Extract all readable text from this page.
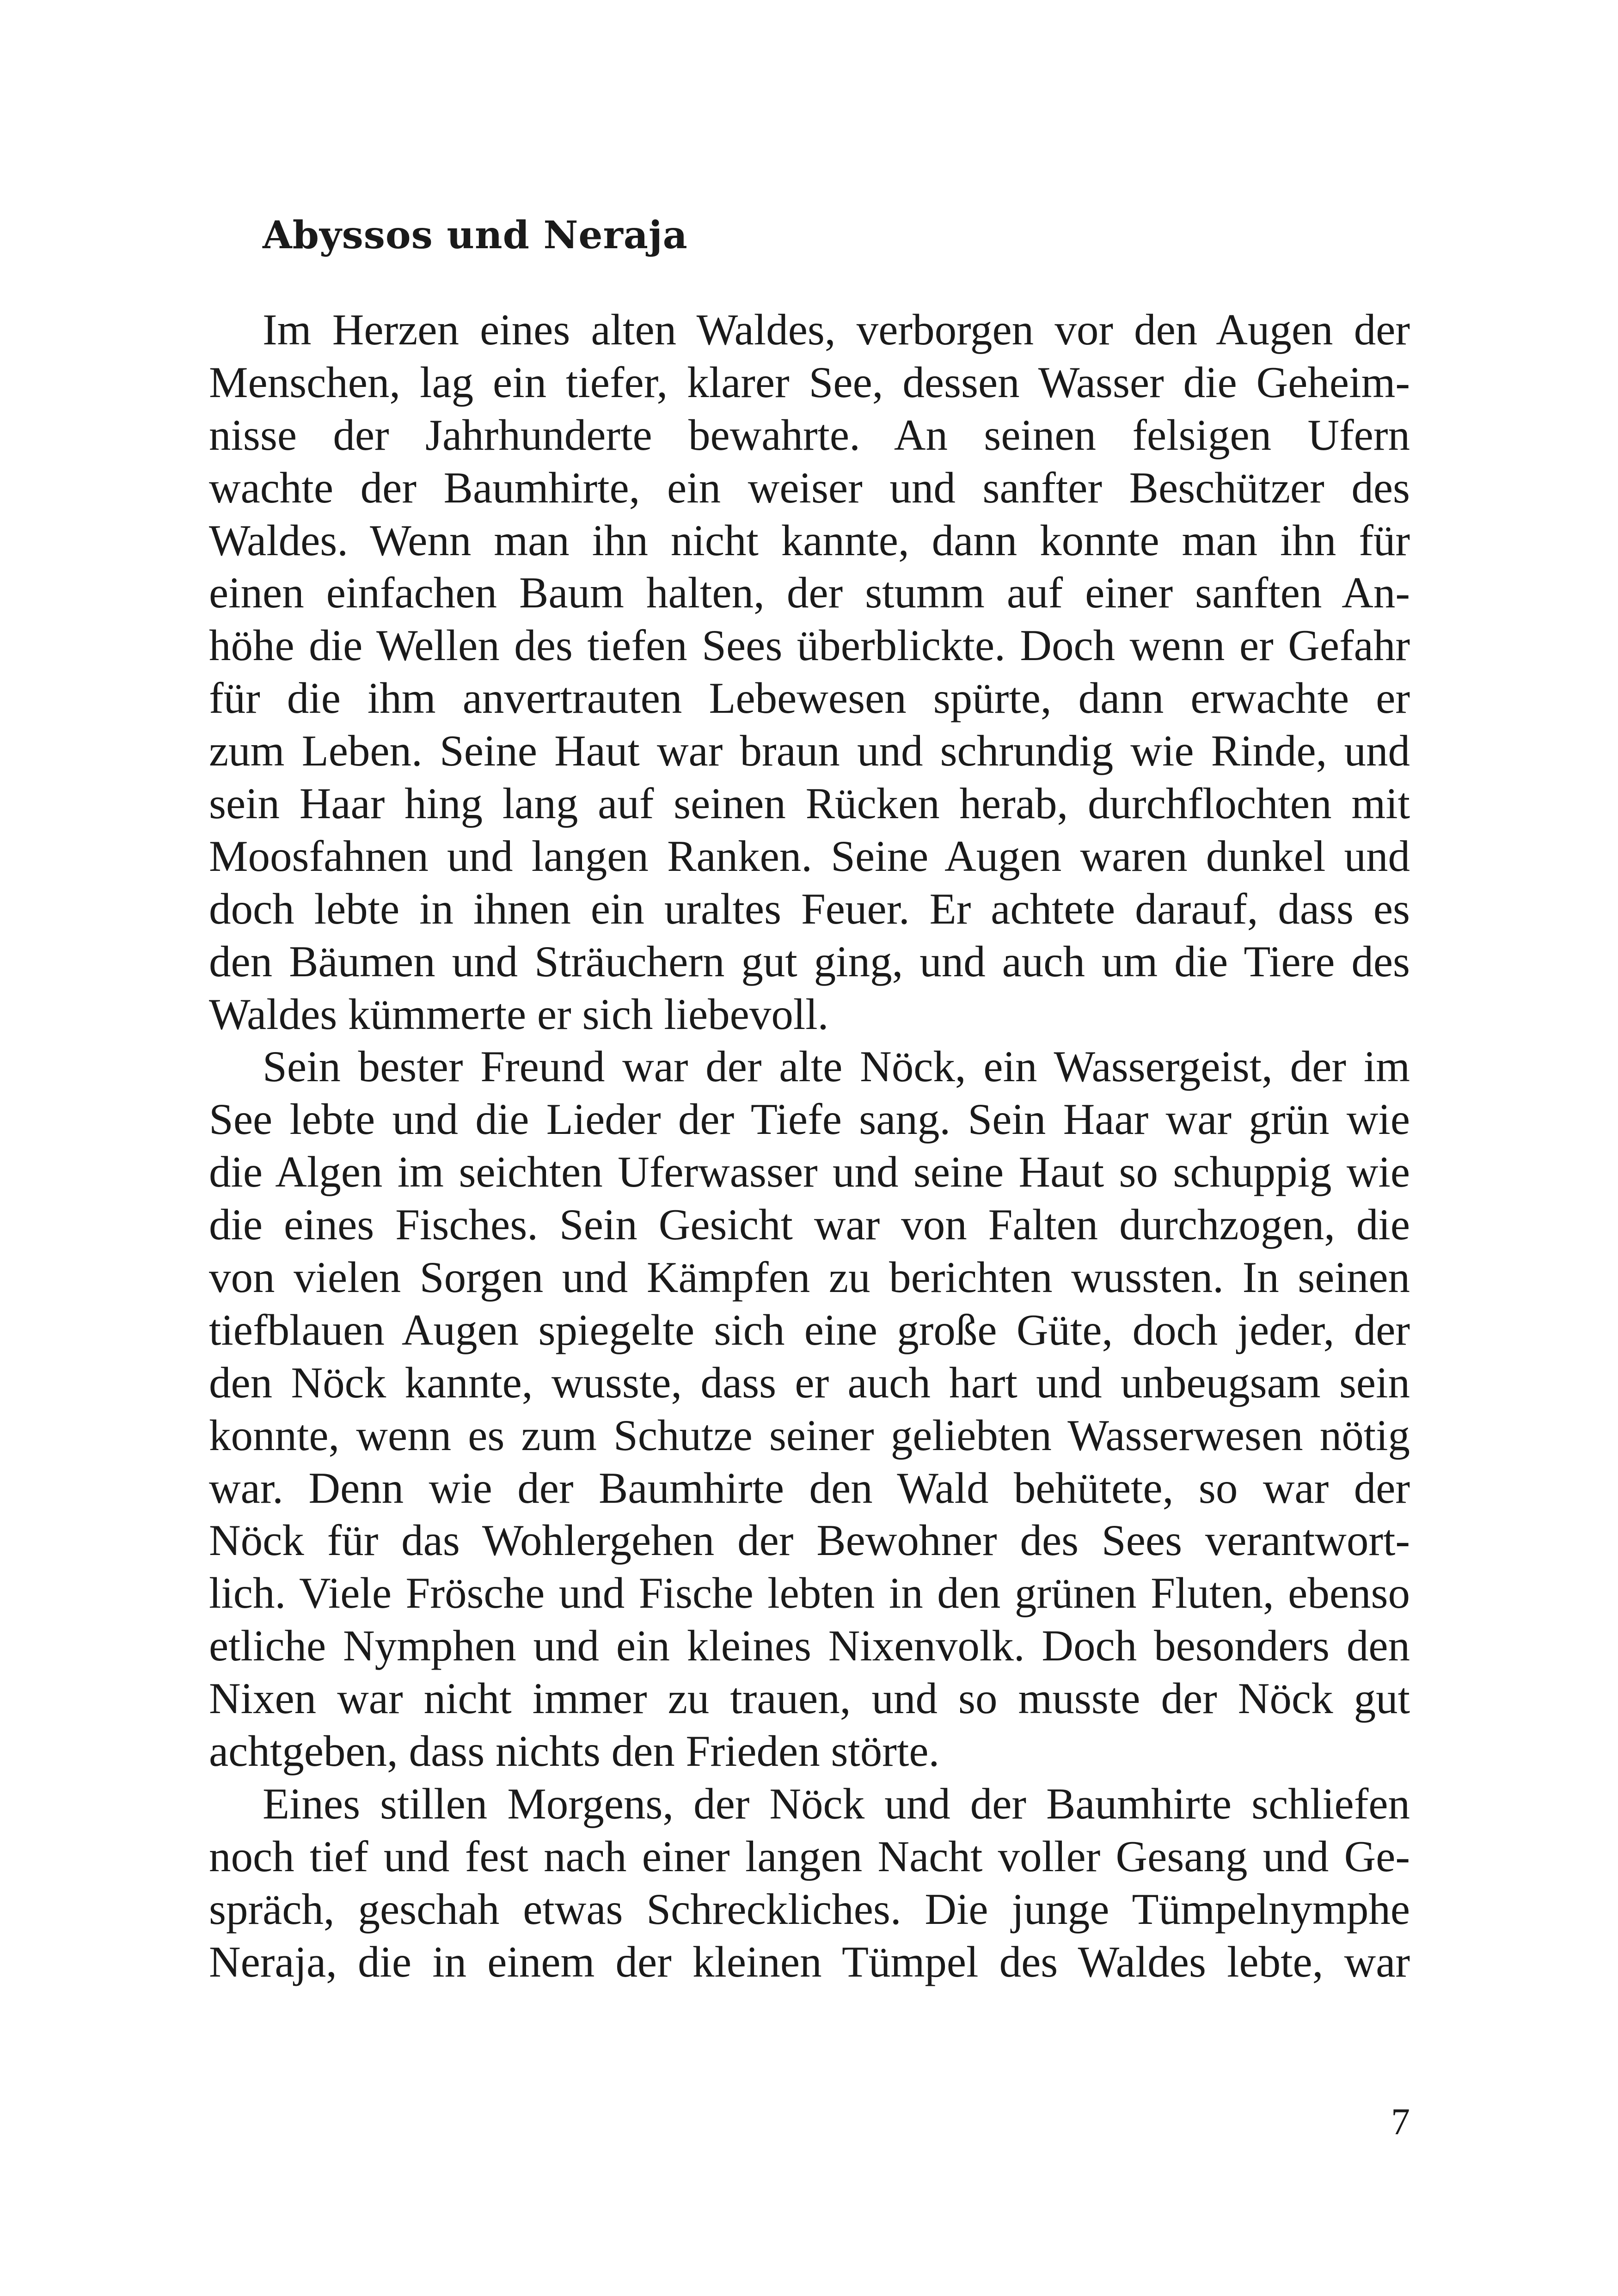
Abyssos und Neraja
Im Herzen eines alten Waldes, verborgen vor den Augen der
Menschen, lag ein tiefer, klarer See, dessen Wasser die Geheim-
nisse der Jahrhunderte bewahrte. An seinen felsigen Ufern
wachte der Baumhirte, ein weiser und sanfter Beschützer des
Waldes. Wenn man ihn nicht kannte, dann konnte man ihn für
einen einfachen Baum halten, der stumm auf einer sanften An-
höhe die Wellen des tiefen Sees überblickte. Doch wenn er Gefahr
für die ihm anvertrauten Lebewesen spürte, dann erwachte er
zum Leben. Seine Haut war braun und schrundig wie Rinde, und
sein Haar hing lang auf seinen Rücken herab, durchflochten mit
Moosfahnen und langen Ranken. Seine Augen waren dunkel und
doch lebte in ihnen ein uraltes Feuer. Er achtete darauf, dass es
den Bäumen und Sträuchern gut ging, und auch um die Tiere des
Waldes kümmerte er sich liebevoll.
Sein bester Freund war der alte Nöck, ein Wassergeist, der im
See lebte und die Lieder der Tiefe sang. Sein Haar war grün wie
die Algen im seichten Uferwasser und seine Haut so schuppig wie
die eines Fisches. Sein Gesicht war von Falten durchzogen, die
von vielen Sorgen und Kämpfen zu berichten wussten. In seinen
tiefblauen Augen spiegelte sich eine große Güte, doch jeder, der
den Nöck kannte, wusste, dass er auch hart und unbeugsam sein
konnte, wenn es zum Schutze seiner geliebten Wasserwesen nötig
war. Denn wie der Baumhirte den Wald behütete, so war der
Nöck für das Wohlergehen der Bewohner des Sees verantwort-
lich. Viele Frösche und Fische lebten in den grünen Fluten, ebenso
etliche Nymphen und ein kleines Nixenvolk. Doch besonders den
Nixen war nicht immer zu trauen, und so musste der Nöck gut
achtgeben, dass nichts den Frieden störte.
Eines stillen Morgens, der Nöck und der Baumhirte schliefen
noch tief und fest nach einer langen Nacht voller Gesang und Ge-
spräch, geschah etwas Schreckliches. Die junge Tümpelnymphe
Neraja, die in einem der kleinen Tümpel des Waldes lebte, war
7
